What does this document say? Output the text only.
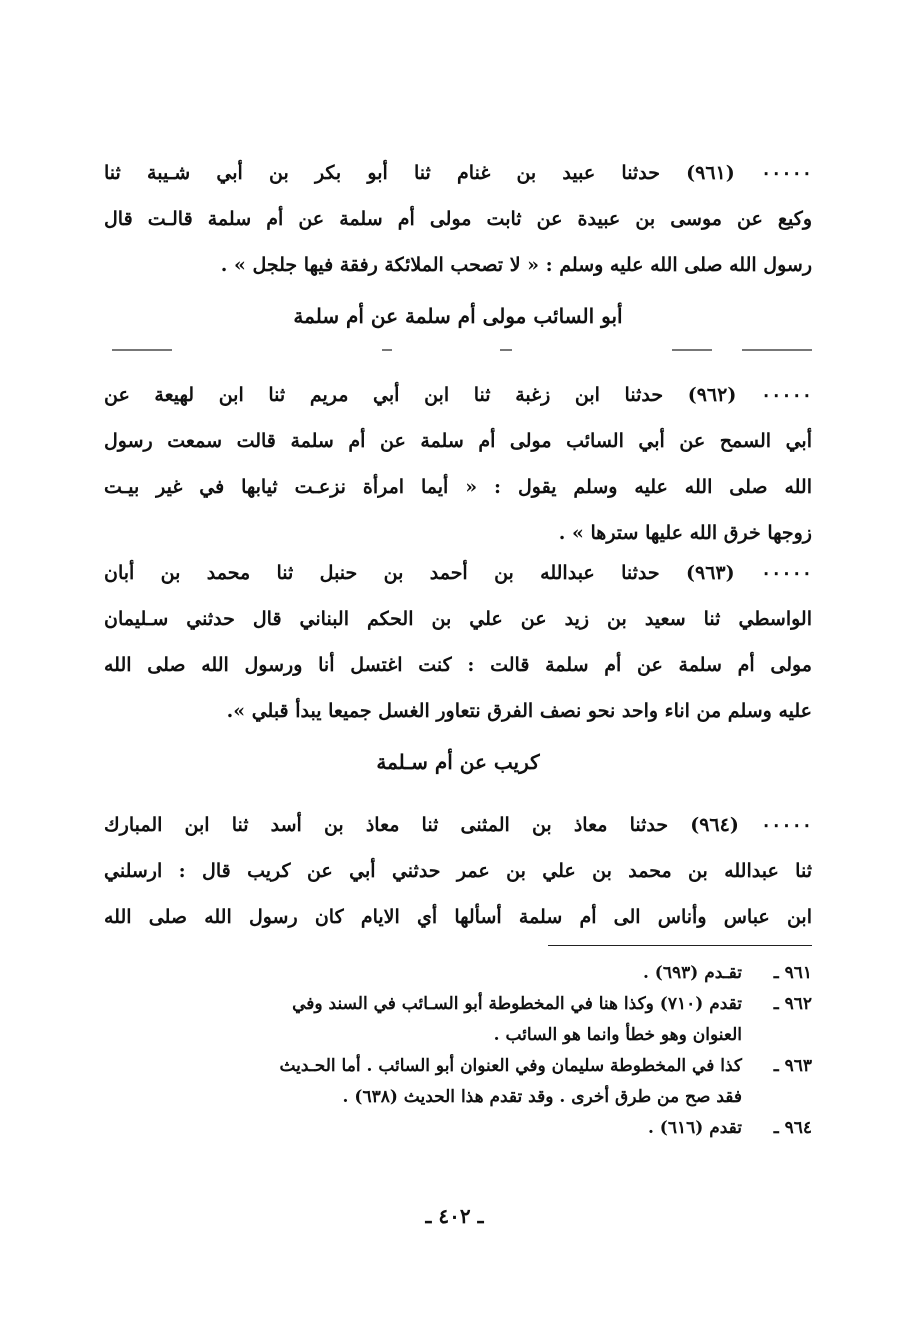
٠٠٠٠٠ (٩٦١) حدثنا عبيد بن غنام ثنا أبو بكر بن أبي شـيبة ثنا
وكيع عن موسى بن عبيدة عن ثابت مولى أم سلمة عن أم سلمة قالـت قال
رسول الله صلى الله عليه وسلم : « لا تصحب الملائكة رفقة فيها جلجل » .
أبو السائب مولى أم سلمة عن أم سلمة
٠٠٠٠٠ (٩٦٢) حدثنا ابن زغبة ثنا ابن أبي مريم ثنا ابن لهيعة عن
أبي السمح عن أبي السائب مولى أم سلمة عن أم سلمة قالت سمعت رسول
الله صلى الله عليه وسلم يقول : « أيما امرأة نزعـت ثيابها في غير بيـت
زوجها خرق الله عليها سترها » .
٠٠٠٠٠ (٩٦٣) حدثنا عبدالله بن أحمد بن حنبل ثنا محمد بن أبان
الواسطي ثنا سعيد بن زيد عن علي بن الحكم البناني قال حدثني سـليمان
مولى أم سلمة عن أم سلمة قالت : كنت اغتسل أنا ورسول الله صلى الله
عليه وسلم من اناء واحد نحو نصف الفرق نتعاور الغسل جميعا يبدأ قبلي ».
كريب عن أم سـلمة
٠٠٠٠٠ (٩٦٤) حدثنا معاذ بن المثنى ثنا معاذ بن أسد ثنا ابن المبارك
ثنا عبدالله بن محمد بن علي بن عمر حدثني أبي عن كريب قال : ارسلني
ابن عباس وأناس الى أم سلمة أسألها أي الايام كان رسول الله صلى الله
٩٦١ ـتقـدم (٦٩٣) .
٩٦٢ ـتقدم (٧١٠) وكذا هنا في المخطوطة أبو السـائب في السند وفي
العنوان وهو خطأ وانما هو السائب .
٩٦٣ ـكذا في المخطوطة سليمان وفي العنوان أبو السائب . أما الحـديث
فقد صح من طرق أخرى . وقد تقدم هذا الحديث (٦٣٨) .
٩٦٤ ـتقدم (٦١٦) .
ـ ٤٠٢ ـ
